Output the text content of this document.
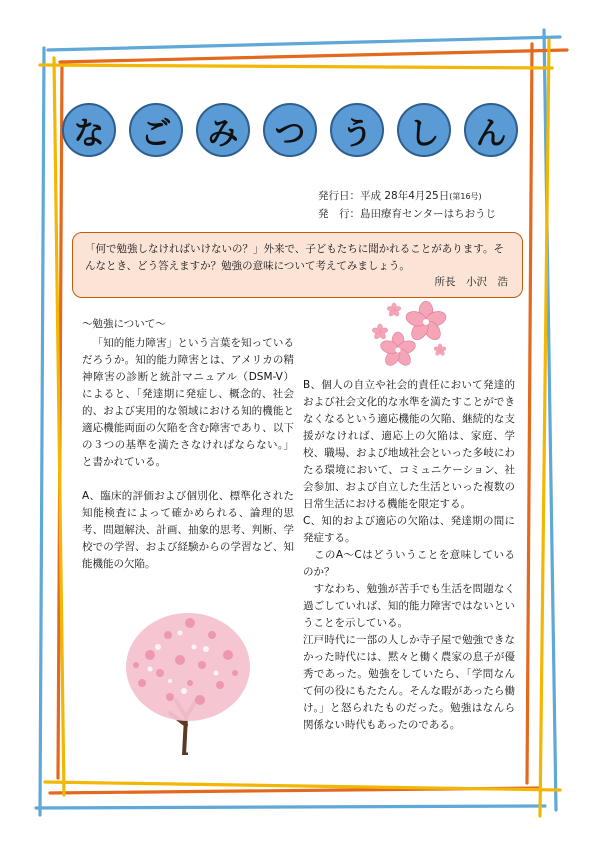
な	ご	み	つ	う	し	ん
発行日：平成 28年4月25日(第16号)
発　行：島田療育センターはちおうじ
「何で勉強しなければいけないの？」外来で、子どもたちに聞かれることがあります。そんなとき、どう答えますか？勉強の意味について考えてみましょう。
所長　小沢　浩

～勉強について～

「知的能力障害」という言葉を知っているだろうか。知的能力障害とは、アメリカの精神障害の診断と統計マニュアル（DSM-V）によると、「発達期に発症し、概念的、社会的、および実用的な領域における知的機能と適応機能両面の欠陥を含む障害であり、以下の３つの基準を満たさなければならない。」と書かれている。

A、臨床的評価および個別化、標準化された知能検査によって確かめられる、論理的思考、問題解決、計画、抽象的思考、判断、学校での学習、および経験からの学習など、知能機能の欠陥。

B、個人の自立や社会的責任において発達的および社会文化的な水準を満たすことができなくなるという適応機能の欠陥、継続的な支援がなければ、適応上の欠陥は、家庭、学校、職場、および地域社会といった多岐にわたる環境において、コミュニケーション、社会参加、および自立した生活といった複数の日常生活における機能を限定する。

C、知的および適応の欠陥は、発達期の間に発症する。

　このA～Cはどういうことを意味しているのか？

　すなわち、勉強が苦手でも生活を問題なく過ごしていれば、知的能力障害ではないということを示している。

江戸時代に一部の人しか寺子屋で勉強できなかった時代には、黙々と働く農家の息子が優秀であった。勉強をしていたら、「学問なんて何の役にもたたん。そんな暇があったら働け。」と怒られたものだった。勉強はなんら関係ない時代もあったのである。
